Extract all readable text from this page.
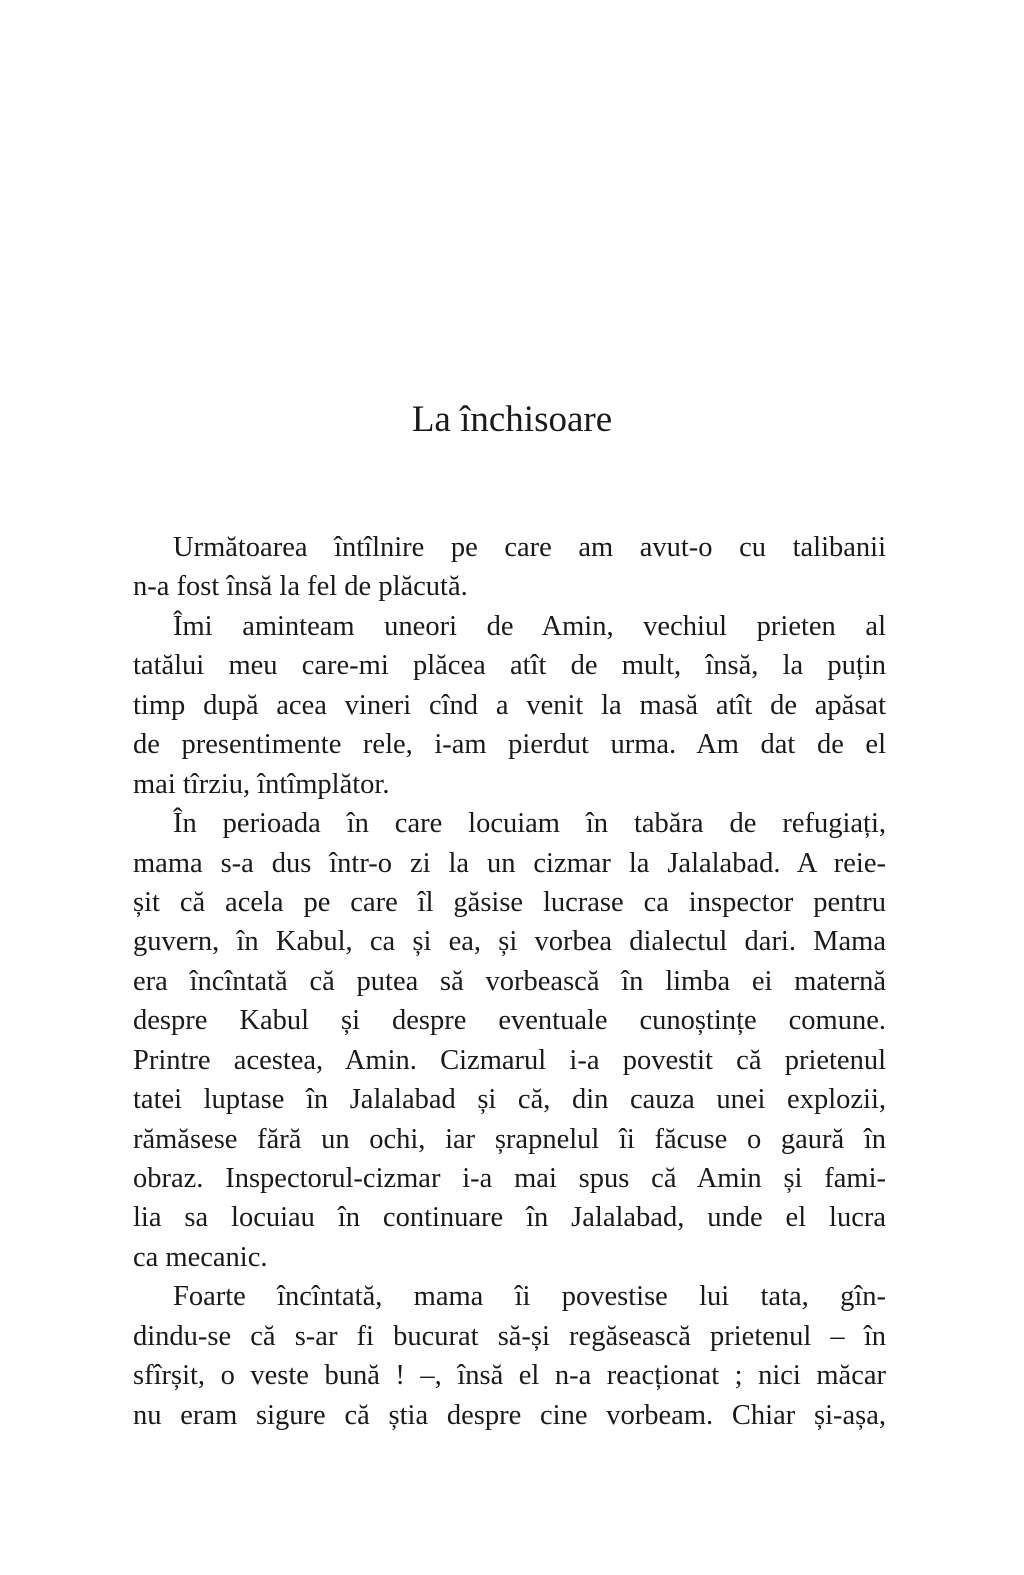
La închisoare
Următoarea întîlnire pe care am avut-o cu talibanii
n-a fost însă la fel de plăcută.
Îmi aminteam uneori de Amin, vechiul prieten al
tatălui meu care-mi plăcea atît de mult, însă, la puțin
timp după acea vineri cînd a venit la masă atît de apăsat
de presentimente rele, i-am pierdut urma. Am dat de el
mai tîrziu, întîmplător.
În perioada în care locuiam în tabăra de refugiați,
mama s-a dus într-o zi la un cizmar la Jalalabad. A reie-
șit că acela pe care îl găsise lucrase ca inspector pentru
guvern, în Kabul, ca și ea, și vorbea dialectul dari. Mama
era încîntată că putea să vorbească în limba ei maternă
despre Kabul și despre eventuale cunoștințe comune.
Printre acestea, Amin. Cizmarul i-a povestit că prietenul
tatei luptase în Jalalabad și că, din cauza unei explozii,
rămăsese fără un ochi, iar șrapnelul îi făcuse o gaură în
obraz. Inspectorul-cizmar i-a mai spus că Amin și fami-
lia sa locuiau în continuare în Jalalabad, unde el lucra
ca mecanic.
Foarte încîntată, mama îi povestise lui tata, gîn-
dindu-se că s-ar fi bucurat să-și regăsească prietenul – în
sfîrșit, o veste bună ! –, însă el n-a reacționat ; nici măcar
nu eram sigure că știa despre cine vorbeam. Chiar și-așa,
